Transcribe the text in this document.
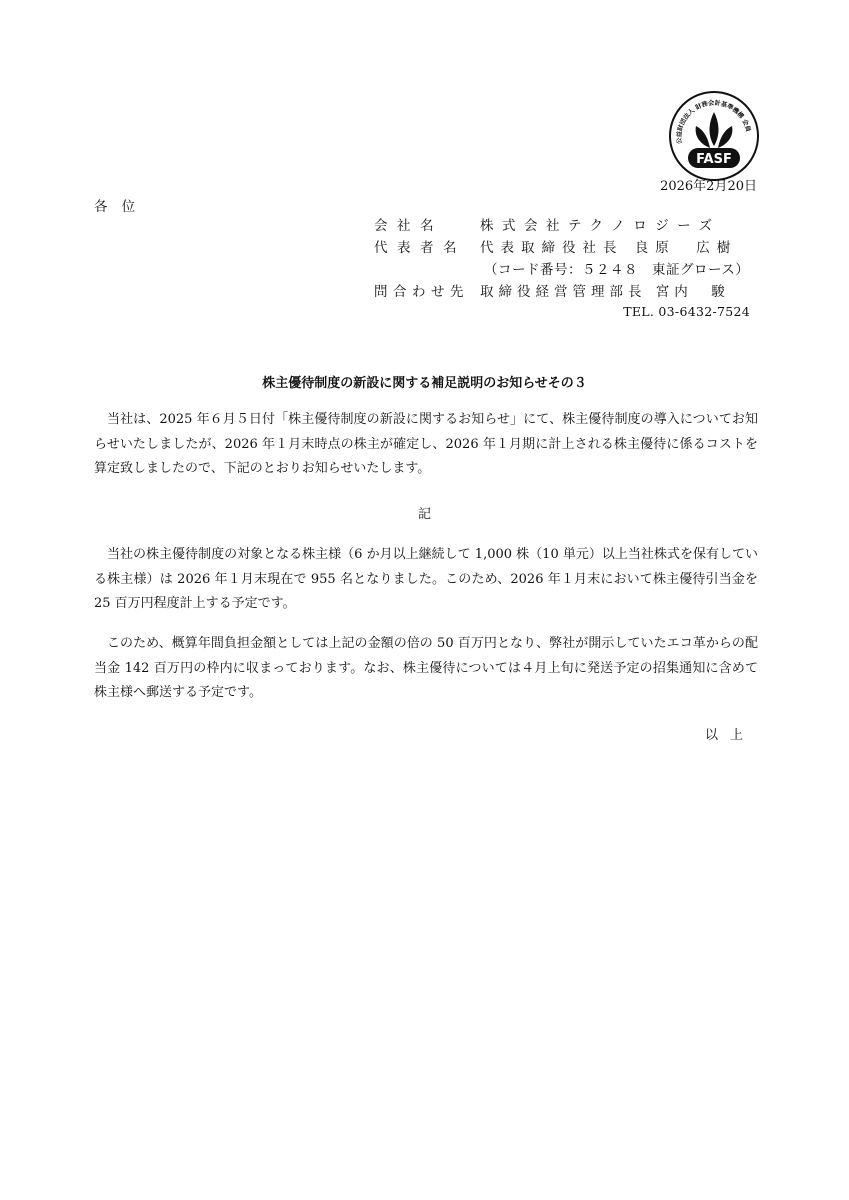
公益財団法人 財務会計基準機構 会員
FASF
2026年2月20日
各位
会社名	株式会社テクノロジーズ
代表者名 代表取締役社長 良原　広樹
（コード番号：５２４８　東証グロース）
問合わせ先 取締役経営管理部長 宮内　駿
TEL. 03-6432-7524
株主優待制度の新設に関する補足説明のお知らせその３

当社は、2025 年６月５日付「株主優待制度の新設に関するお知らせ」にて、株主優待制度の導入についてお知らせいたしましたが、2026 年１月末時点の株主が確定し、2026 年１月期に計上される株主優待に係るコストを算定致しましたので、下記のとおりお知らせいたします。

記

当社の株主優待制度の対象となる株主様（6 か月以上継続して 1,000 株（10 単元）以上当社株式を保有している株主様）は 2026 年１月末現在で 955 名となりました。このため、2026 年１月末において株主優待引当金を 25 百万円程度計上する予定です。

このため、概算年間負担金額としては上記の金額の倍の 50 百万円となり、弊社が開示していたエコ革からの配当金 142 百万円の枠内に収まっております。なお、株主優待については４月上旬に発送予定の招集通知に含めて株主様へ郵送する予定です。

以上
